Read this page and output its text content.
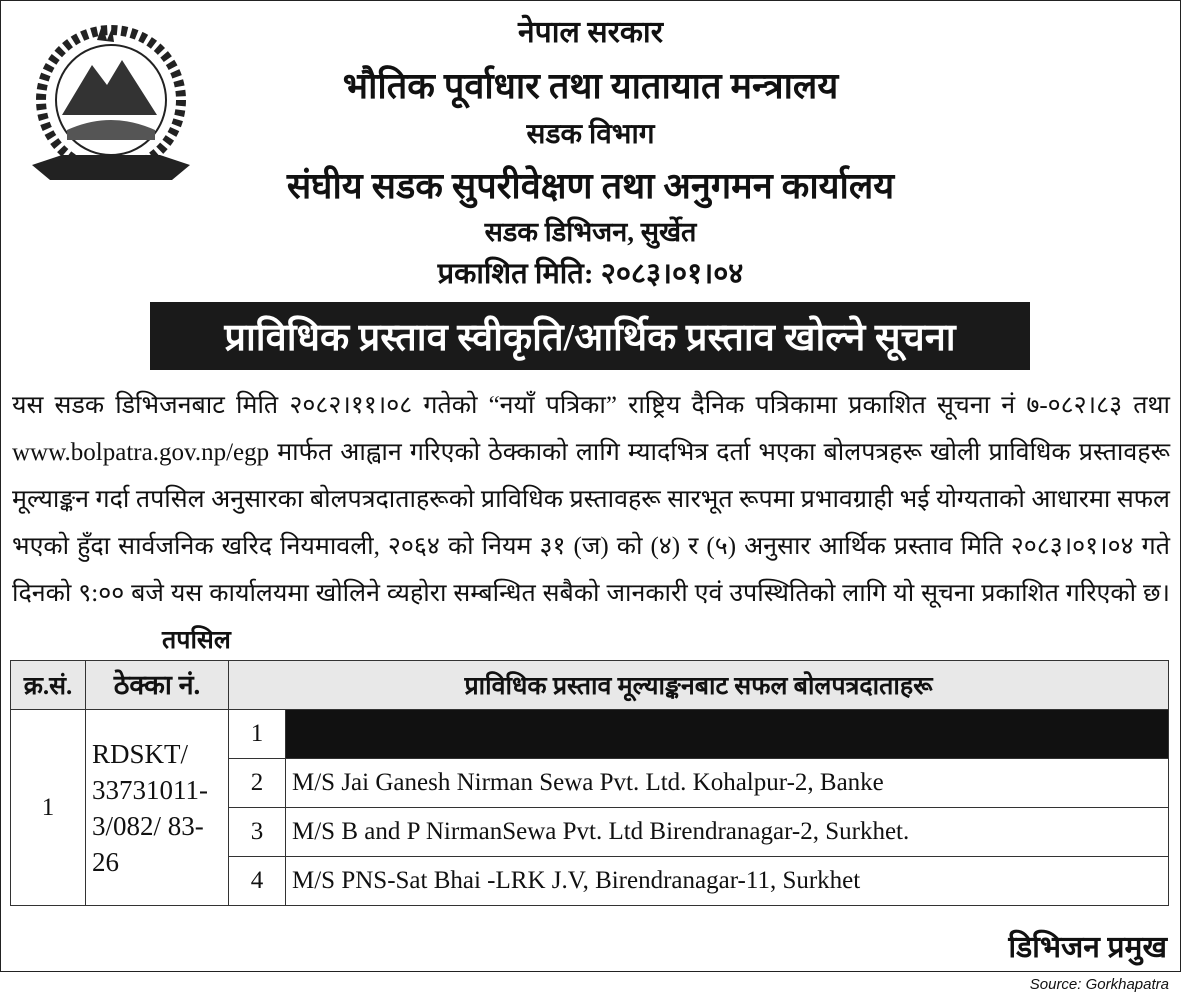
नेपाल सरकार
भौतिक पूर्वाधार तथा यातायात मन्त्रालय
सडक विभाग
संघीय सडक सुपरीवेक्षण तथा अनुगमन कार्यालय
सडक डिभिजन, सुर्खेत
प्रकाशित मिति: २०८३।०१।०४
प्राविधिक प्रस्ताव स्वीकृति/आर्थिक प्रस्ताव खोल्ने सूचना
यस सडक डिभिजनबाट मिति २०८२।११।०८ गतेको “नयाँ पत्रिका” राष्ट्रिय दैनिक पत्रिकामा प्रकाशित सूचना नं ७-०८२।८३ तथा www.bolpatra.gov.np/egp मार्फत आह्वान गरिएको ठेक्काको लागि म्यादभित्र दर्ता भएका बोलपत्रहरू खोली प्राविधिक प्रस्तावहरू मूल्याङ्कन गर्दा तपसिल अनुसारका बोलपत्रदाताहरूको प्राविधिक प्रस्तावहरू सारभूत रूपमा प्रभावग्राही भई योग्यताको आधारमा सफल भएको हुँदा सार्वजनिक खरिद नियमावली, २०६४ को नियम ३१ (ज) को (४) र (५) अनुसार आर्थिक प्रस्ताव मिति २०८३।०१।०४ गते दिनको ९:०० बजे यस कार्यालयमा खोलिने व्यहोरा सम्बन्धित सबैको जानकारी एवं उपस्थितिको लागि यो सूचना प्रकाशित गरिएको छ। तपसिल
क्र.सं.	ठेक्का नं.	प्राविधिक प्रस्ताव मूल्याङ्कनबाट सफल बोलपत्रदाताहरू	
1	RDSKT/ 33731011- 3/082/ 83-26	1	
		2	M/S Jai Ganesh Nirman Sewa Pvt. Ltd. Kohalpur-2, Banke
		3	M/S B and P NirmanSewa Pvt. Ltd Birendranagar-2, Surkhet.
		4	M/S PNS-Sat Bhai -LRK J.V, Birendranagar-11, Surkhet
डिभिजन प्रमुख
Source: Gorkhapatra
